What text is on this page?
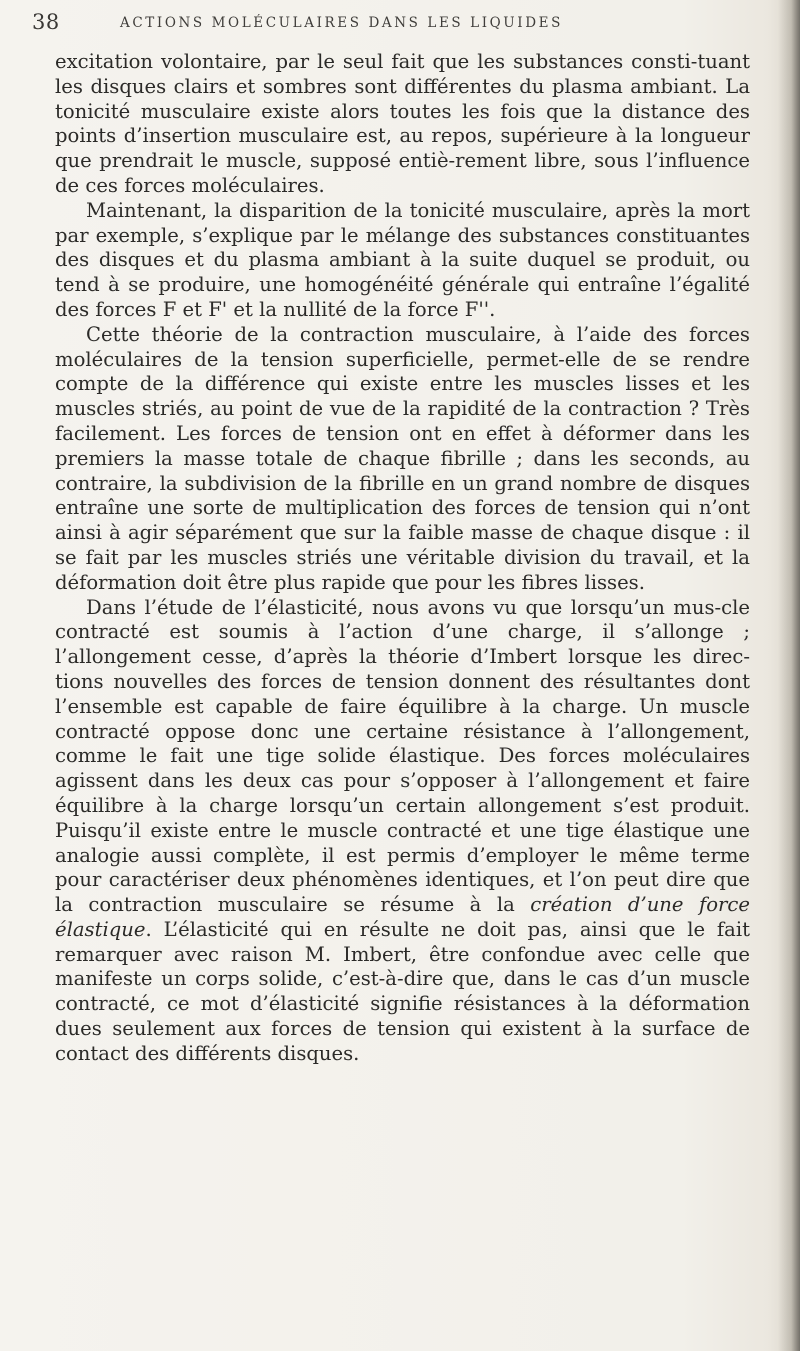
38	ACTIONS MOLÉCULAIRES DANS LES LIQUIDES

excitation volontaire, par le seul fait que les substances consti-tuant les disques clairs et sombres sont différentes du plasma ambiant. La tonicité musculaire existe alors toutes les fois que la distance des points d’insertion musculaire est, au repos, supérieure à la longueur que prendrait le muscle, supposé entiè-rement libre, sous l’influence de ces forces moléculaires.

Maintenant, la disparition de la tonicité musculaire, après la mort par exemple, s’explique par le mélange des substances constituantes des disques et du plasma ambiant à la suite duquel se produit, ou tend à se produire, une homogénéité générale qui entraîne l’égalité des forces F et F' et la nullité de la force F''.

Cette théorie de la contraction musculaire, à l’aide des forces moléculaires de la tension superficielle, permet-elle de se rendre compte de la différence qui existe entre les muscles lisses et les muscles striés, au point de vue de la rapidité de la contraction ? Très facilement. Les forces de tension ont en effet à déformer dans les premiers la masse totale de chaque fibrille ; dans les seconds, au contraire, la subdivision de la fibrille en un grand nombre de disques entraîne une sorte de multiplication des forces de tension qui n’ont ainsi à agir séparément que sur la faible masse de chaque disque : il se fait par les muscles striés une véritable division du travail, et la déformation doit être plus rapide que pour les fibres lisses.

Dans l’étude de l’élasticité, nous avons vu que lorsqu’un mus-cle contracté est soumis à l’action d’une charge, il s’allonge ; l’allongement cesse, d’après la théorie d’Imbert lorsque les direc-tions nouvelles des forces de tension donnent des résultantes dont l’ensemble est capable de faire équilibre à la charge. Un muscle contracté oppose donc une certaine résistance à l’allongement, comme le fait une tige solide élastique. Des forces moléculaires agissent dans les deux cas pour s’opposer à l’allongement et faire équilibre à la charge lorsqu’un certain allongement s’est produit. Puisqu’il existe entre le muscle contracté et une tige élastique une analogie aussi complète, il est permis d’employer le même terme pour caractériser deux phénomènes identiques, et l’on peut dire que la contraction musculaire se résume à la création d’une force élastique. L’élasticité qui en résulte ne doit pas, ainsi que le fait remarquer avec raison M. Imbert, être confondue avec celle que manifeste un corps solide, c’est-à-dire que, dans le cas d’un muscle contracté, ce mot d’élasticité signifie résistances à la déformation dues seulement aux forces de tension qui existent à la surface de contact des différents disques.
